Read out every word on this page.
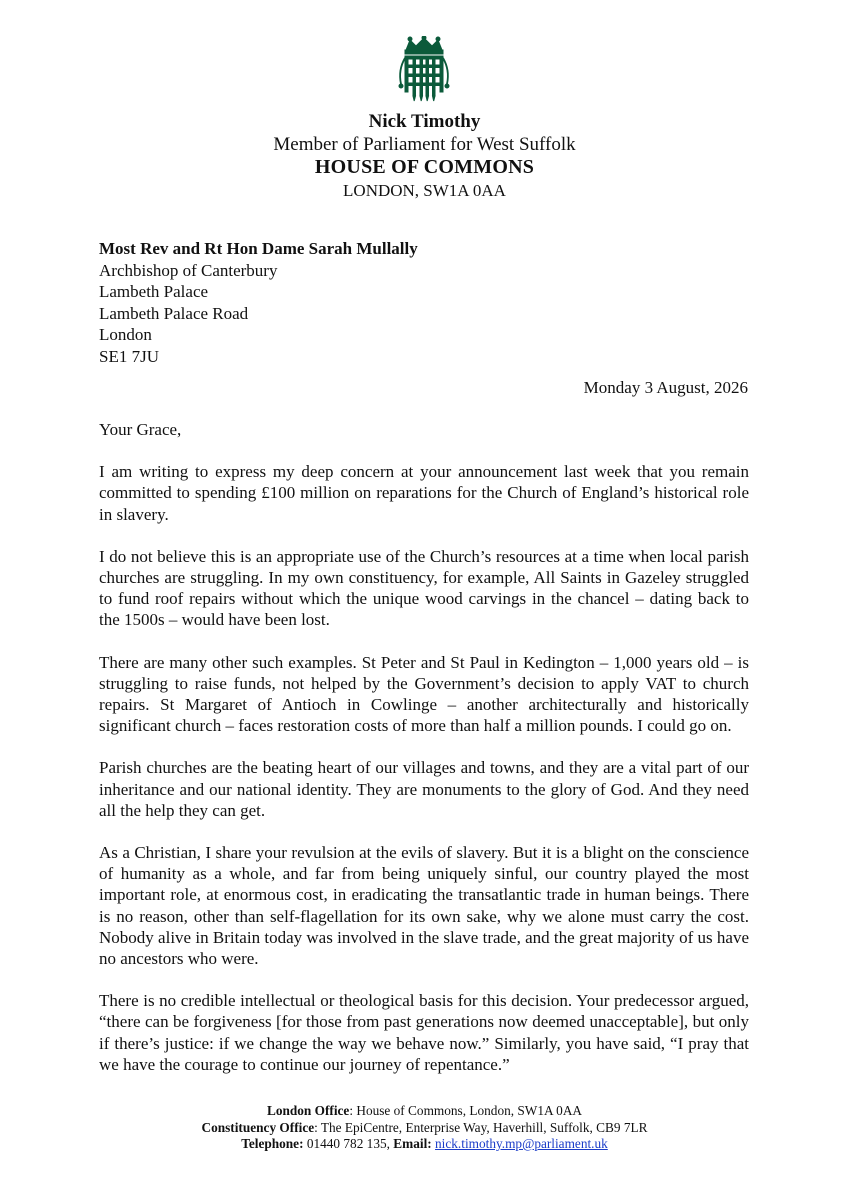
Nick Timothy
Member of Parliament for West Suffolk
HOUSE OF COMMONS
LONDON, SW1A 0AA
Most Rev and Rt Hon Dame Sarah Mullally
Archbishop of Canterbury
Lambeth Palace
Lambeth Palace Road
London
SE1 7JU
Monday 3 August, 2026

Your Grace,

I am writing to express my deep concern at your announcement last week that you remain committed to spending £100 million on reparations for the Church of England’s historical role in slavery.

I do not believe this is an appropriate use of the Church’s resources at a time when local parish churches are struggling. In my own constituency, for example, All Saints in Gazeley struggled to fund roof repairs without which the unique wood carvings in the chancel – dating back to the 1500s – would have been lost.

There are many other such examples. St Peter and St Paul in Kedington – 1,000 years old – is struggling to raise funds, not helped by the Government’s decision to apply VAT to church repairs. St Margaret of Antioch in Cowlinge – another architecturally and historically significant church – faces restoration costs of more than half a million pounds. I could go on.

Parish churches are the beating heart of our villages and towns, and they are a vital part of our inheritance and our national identity. They are monuments to the glory of God. And they need all the help they can get.

As a Christian, I share your revulsion at the evils of slavery. But it is a blight on the conscience of humanity as a whole, and far from being uniquely sinful, our country played the most important role, at enormous cost, in eradicating the transatlantic trade in human beings. There is no reason, other than self-flagellation for its own sake, why we alone must carry the cost. Nobody alive in Britain today was involved in the slave trade, and the great majority of us have no ancestors who were.

There is no credible intellectual or theological basis for this decision. Your predecessor argued, “there can be forgiveness [for those from past generations now deemed unacceptable], but only if there’s justice: if we change the way we behave now.” Similarly, you have said, “I pray that we have the courage to continue our journey of repentance.”

London Office: House of Commons, London, SW1A 0AA
Constituency Office: The EpiCentre, Enterprise Way, Haverhill, Suffolk, CB9 7LR
Telephone: 01440 782 135, Email: nick.timothy.mp@parliament.uk
